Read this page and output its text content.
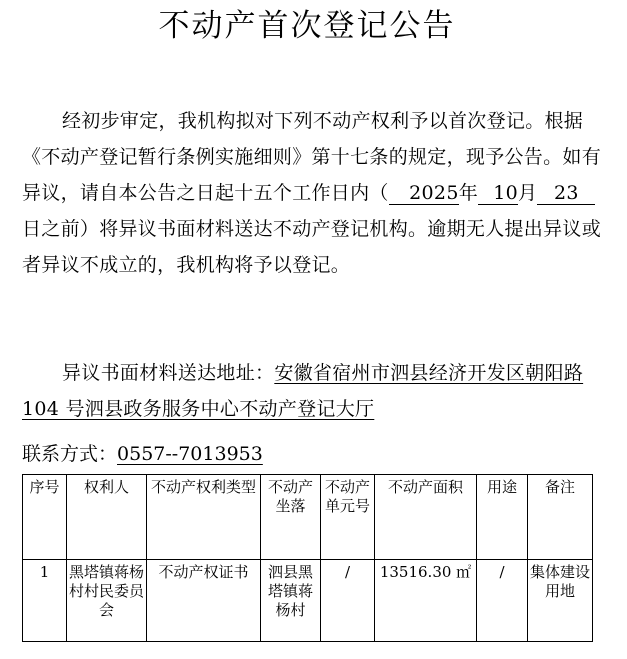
不动产首次登记公告
经初步审定，我机构拟对下列不动产权利予以首次登记。根据《不动产登记暂行条例实施细则》第十七条的规定，现予公告。如有异议，请自本公告之日起十五个工作日内（ 2025年 10月 23日之前）将异议书面材料送达不动产登记机构。逾期无人提出异议或者异议不成立的，我机构将予以登记。
异议书面材料送达地址：安徽省宿州市泗县经济开发区朝阳路 104 号泗县政务服务中心不动产登记大厅
联系方式：0557--7013953
序号	权利人	不动产权利类型	不动产坐落	不动产单元号	不动产面积	用途	备注
1	黑塔镇蒋杨村村民委员会	不动产权证书	泗县黑塔镇蒋杨村	/	13516.30 ㎡	/	集体建设用地
